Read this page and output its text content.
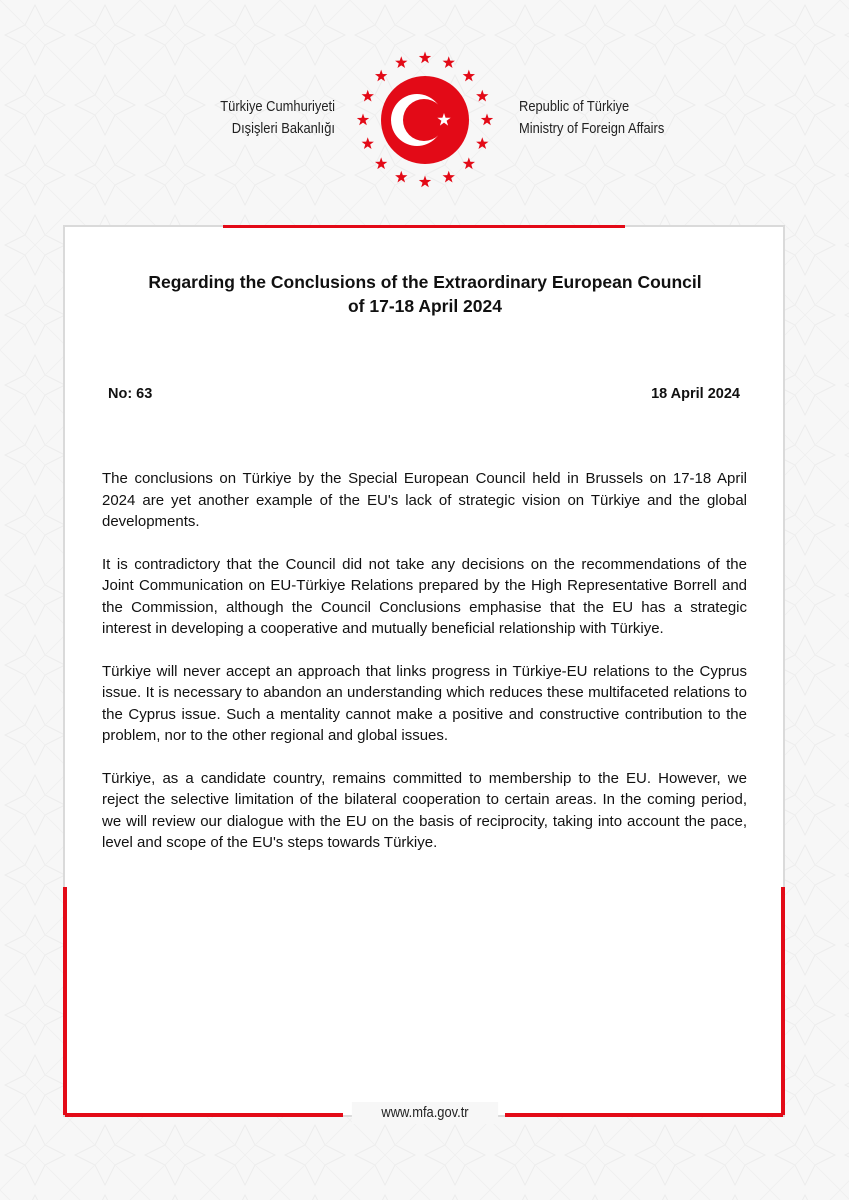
Türkiye Cumhuriyeti
Dışişleri Bakanlığı
Republic of Türkiye
Ministry of Foreign Affairs
Regarding the Conclusions of the Extraordinary European Council
of 17-18 April 2024
No: 63	18 April 2024

The conclusions on Türkiye by the Special European Council held in Brussels on 17-18 April 2024 are yet another example of the EU's lack of strategic vision on Türkiye and the global developments.

It is contradictory that the Council did not take any decisions on the recommendations of the Joint Communication on EU-Türkiye Relations prepared by the High Representative Borrell and the Commission, although the Council Conclusions emphasise that the EU has a strategic interest in developing a cooperative and mutually beneficial relationship with Türkiye.

Türkiye will never accept an approach that links progress in Türkiye-EU relations to the Cyprus issue. It is necessary to abandon an understanding which reduces these multifaceted relations to the Cyprus issue. Such a mentality cannot make a positive and constructive contribution to the problem, nor to the other regional and global issues.

Türkiye, as a candidate country, remains committed to membership to the EU. However, we reject the selective limitation of the bilateral cooperation to certain areas. In the coming period, we will review our dialogue with the EU on the basis of reciprocity, taking into account the pace, level and scope of the EU's steps towards Türkiye.

www.mfa.gov.tr
